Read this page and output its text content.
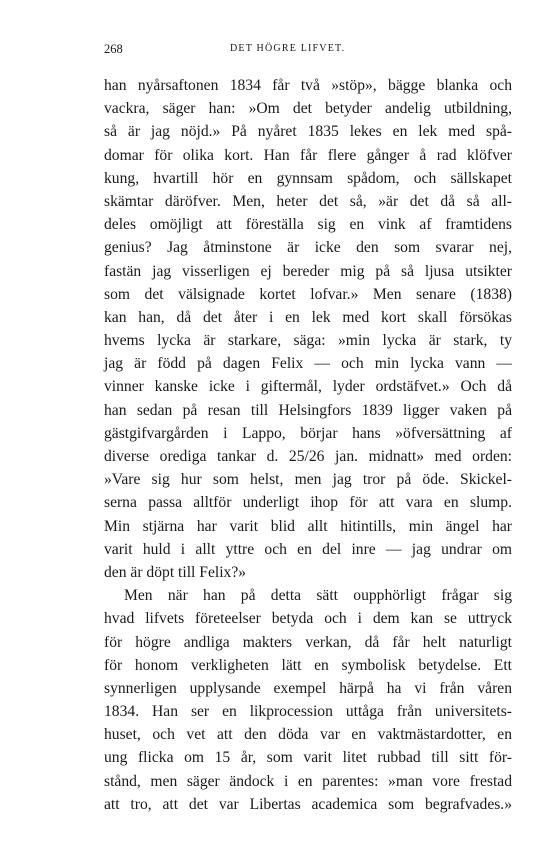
268	DET HÖGRE LIFVET.
han nyårsaftonen 1834 får två »stöp», bägge blanka och
vackra, säger han: »Om det betyder andelig utbildning,
så är jag nöjd.» På nyåret 1835 lekes en lek med spå-
domar för olika kort. Han får flere gånger å rad klöfver
kung, hvartill hör en gynnsam spådom, och sällskapet
skämtar däröfver. Men, heter det så, »är det då så all-
deles omöjligt att föreställa sig en vink af framtidens
genius? Jag åtminstone är icke den som svarar nej,
fastän jag visserligen ej bereder mig på så ljusa utsikter
som det välsignade kortet lofvar.» Men senare (1838)
kan han, då det åter i en lek med kort skall försökas
hvems lycka är starkare, säga: »min lycka är stark, ty
jag är född på dagen Felix — och min lycka vann —
vinner kanske icke i giftermål, lyder ordstäfvet.» Och då
han sedan på resan till Helsingfors 1839 ligger vaken på
gästgifvargården i Lappo, börjar hans »öfversättning af
diverse orediga tankar d. 25/26 jan. midnatt» med orden:
»Vare sig hur som helst, men jag tror på öde. Skickel-
serna passa alltför underligt ihop för att vara en slump.
Min stjärna har varit blid allt hitintills, min ängel har
varit huld i allt yttre och en del inre — jag undrar om
den är döpt till Felix?»
Men när han på detta sätt oupphörligt frågar sig
hvad lifvets företeelser betyda och i dem kan se uttryck
för högre andliga makters verkan, då får helt naturligt
för honom verkligheten lätt en symbolisk betydelse. Ett
synnerligen upplysande exempel härpå ha vi från våren
1834. Han ser en likprocession uttåga från universitets-
huset, och vet att den döda var en vaktmästardotter, en
ung flicka om 15 år, som varit litet rubbad till sitt för-
stånd, men säger ändock i en parentes: »man vore frestad
att tro, att det var Libertas academica som begrafvades.»
